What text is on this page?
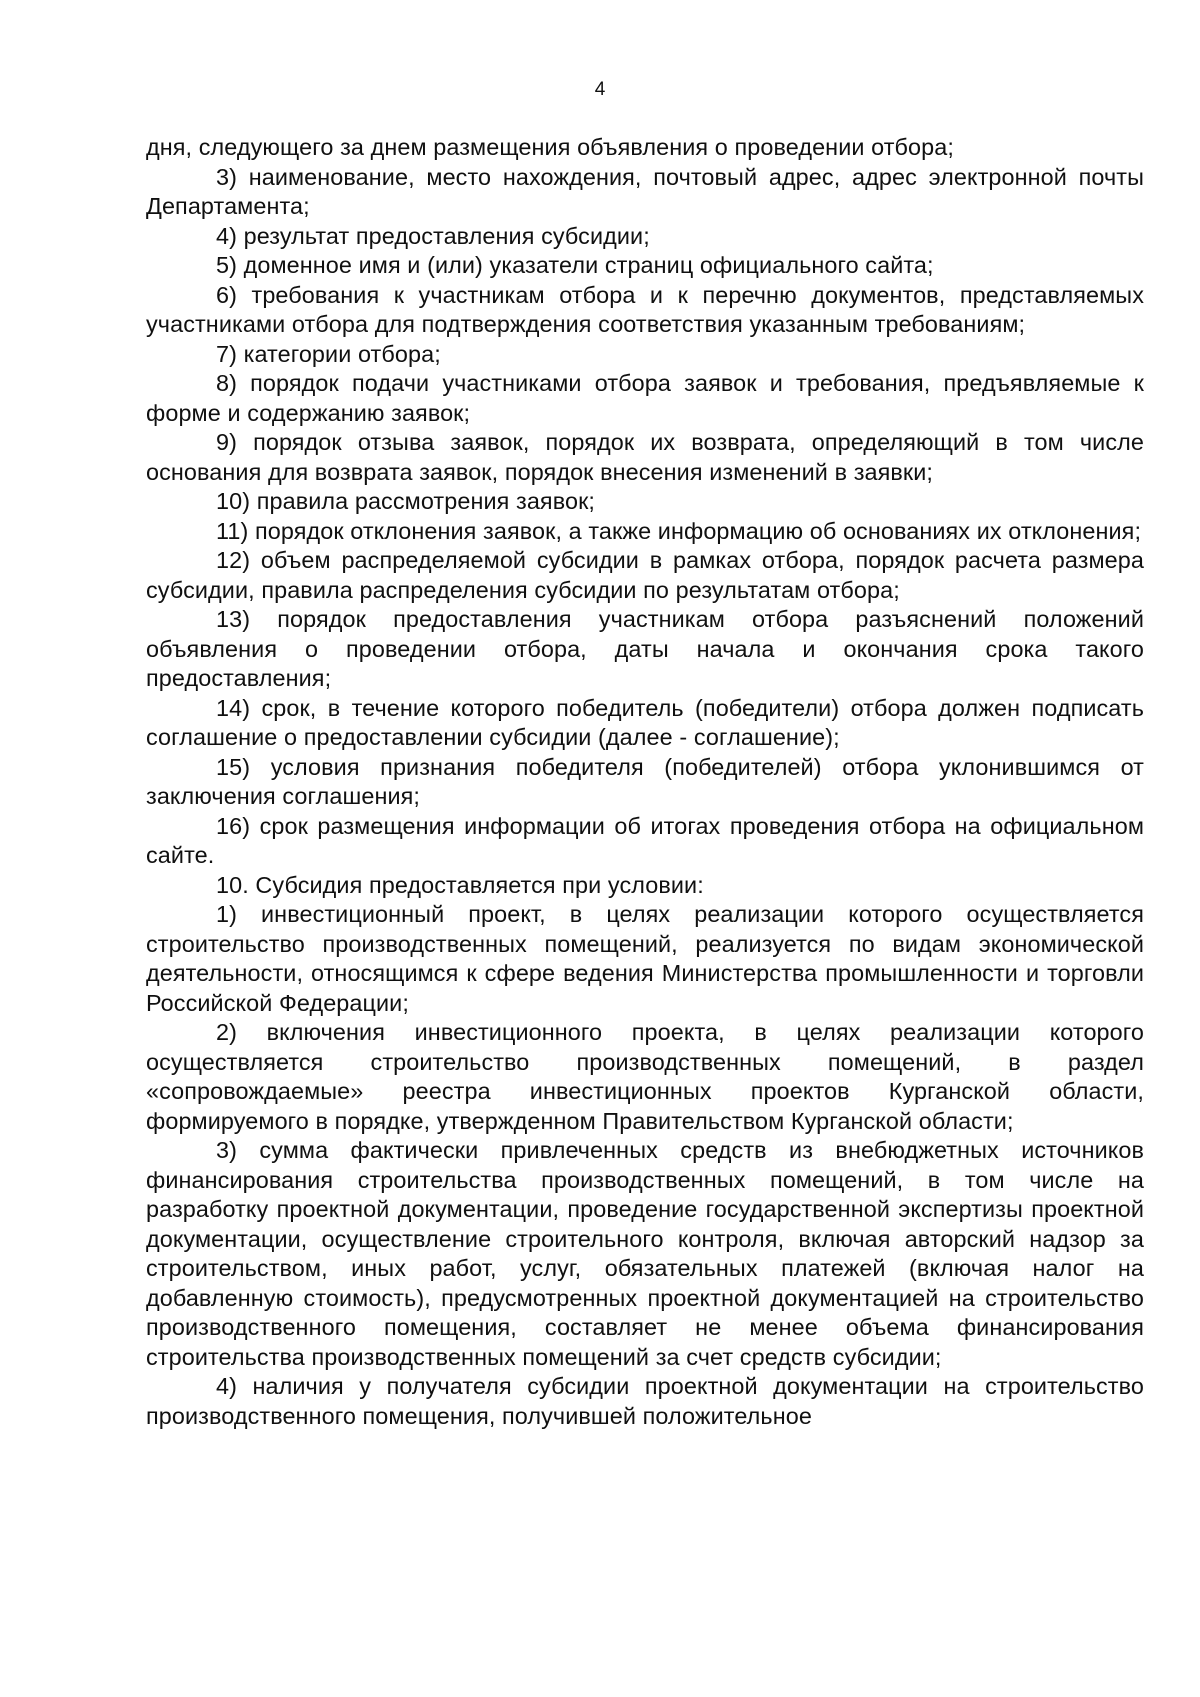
4

дня, следующего за днем размещения объявления о проведении отбора;

3) наименование, место нахождения, почтовый адрес, адрес электронной почты Департамента;

4) результат предоставления субсидии;

5) доменное имя и (или) указатели страниц официального сайта;

6) требования к участникам отбора и к перечню документов, представляемых участниками отбора для подтверждения соответствия указанным требованиям;

7) категории отбора;

8) порядок подачи участниками отбора заявок и требования, предъявляемые к форме и содержанию заявок;

9) порядок отзыва заявок, порядок их возврата, определяющий в том числе основания для возврата заявок, порядок внесения изменений в заявки;

10) правила рассмотрения заявок;

11) порядок отклонения заявок, а также информацию об основаниях их отклонения;

12) объем распределяемой субсидии в рамках отбора, порядок расчета размера субсидии, правила распределения субсидии по результатам отбора;

13) порядок предоставления участникам отбора разъяснений положений объявления о проведении отбора, даты начала и окончания срока такого предоставления;

14) срок, в течение которого победитель (победители) отбора должен подписать соглашение о предоставлении субсидии (далее - соглашение);

15) условия признания победителя (победителей) отбора уклонившимся от заключения соглашения;

16) срок размещения информации об итогах проведения отбора на официальном сайте.

10. Субсидия предоставляется при условии:

1) инвестиционный проект, в целях реализации которого осуществляется строительство производственных помещений, реализуется по видам экономической деятельности, относящимся к сфере ведения Министерства промышленности и торговли Российской Федерации;

2) включения инвестиционного проекта, в целях реализации которого осуществляется строительство производственных помещений, в раздел «сопровождаемые» реестра инвестиционных проектов Курганской области, формируемого в порядке, утвержденном Правительством Курганской области;

3) сумма фактически привлеченных средств из внебюджетных источников финансирования строительства производственных помещений, в том числе на разработку проектной документации, проведение государственной экспертизы проектной документации, осуществление строительного контроля, включая авторский надзор за строительством, иных работ, услуг, обязательных платежей (включая налог на добавленную стоимость), предусмотренных проектной документацией на строительство производственного помещения, составляет не менее объема финансирования строительства производственных помещений за счет средств субсидии;

4) наличия у получателя субсидии проектной документации на строительство производственного помещения, получившей положительное
